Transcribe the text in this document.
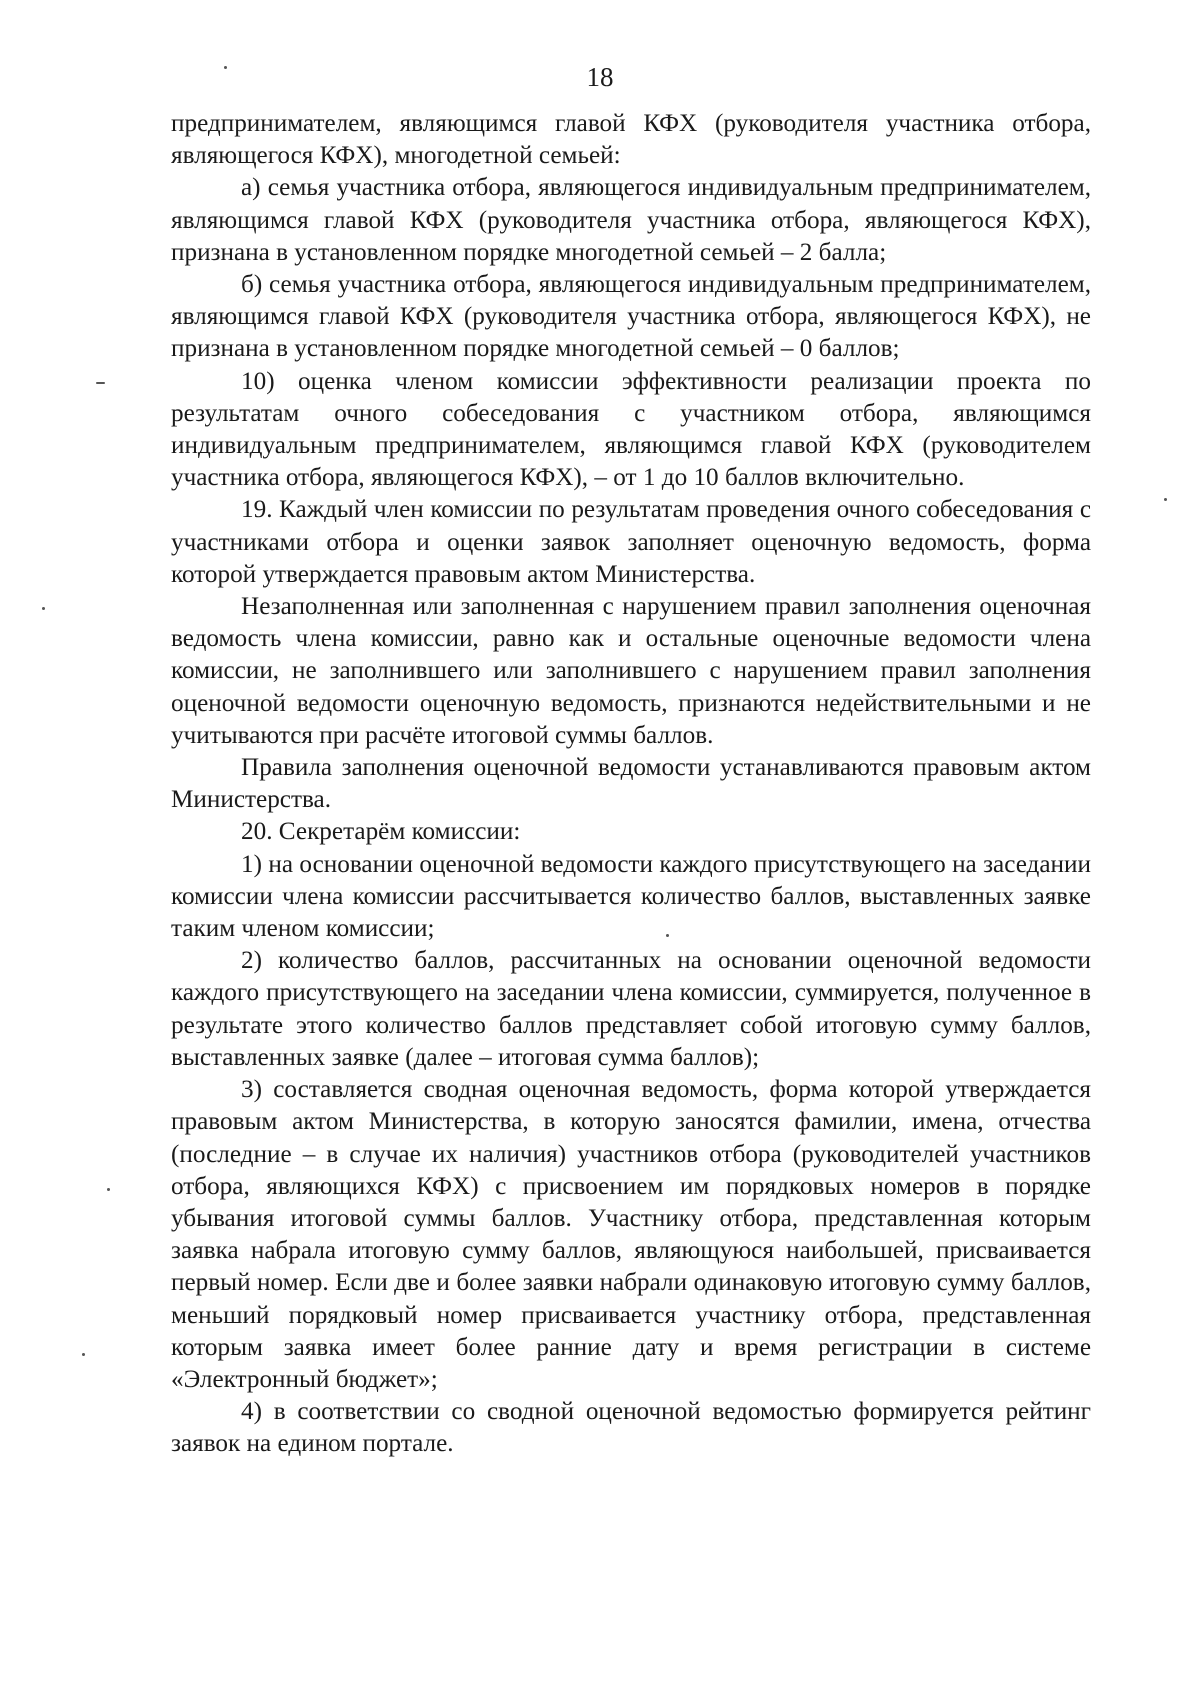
18

предпринимателем, являющимся главой КФХ (руководителя участника отбора, являющегося КФХ), многодетной семьей:

а) семья участника отбора, являющегося индивидуальным предпринимателем, являющимся главой КФХ (руководителя участника отбора, являющегося КФХ), признана в установленном порядке многодетной семьей – 2 балла;

б) семья участника отбора, являющегося индивидуальным предпринимателем, являющимся главой КФХ (руководителя участника отбора, являющегося КФХ), не признана в установленном порядке многодетной семьей – 0 баллов;

10) оценка членом комиссии эффективности реализации проекта по результатам очного собеседования с участником отбора, являющимся индивидуальным предпринимателем, являющимся главой КФХ (руководителем участника отбора, являющегося КФХ), – от 1 до 10 баллов включительно.

19. Каждый член комиссии по результатам проведения очного собеседования с участниками отбора и оценки заявок заполняет оценочную ведомость, форма которой утверждается правовым актом Министерства.

Незаполненная или заполненная с нарушением правил заполнения оценочная ведомость члена комиссии, равно как и остальные оценочные ведомости члена комиссии, не заполнившего или заполнившего с нарушением правил заполнения оценочной ведомости оценочную ведомость, признаются недействительными и не учитываются при расчёте итоговой суммы баллов.

Правила заполнения оценочной ведомости устанавливаются правовым актом Министерства.

20. Секретарём комиссии:

1) на основании оценочной ведомости каждого присутствующего на заседании комиссии члена комиссии рассчитывается количество баллов, выставленных заявке таким членом комиссии;

2) количество баллов, рассчитанных на основании оценочной ведомости каждого присутствующего на заседании члена комиссии, суммируется, полученное в результате этого количество баллов представляет собой итоговую сумму баллов, выставленных заявке (далее – итоговая сумма баллов);

3) составляется сводная оценочная ведомость, форма которой утверждается правовым актом Министерства, в которую заносятся фамилии, имена, отчества (последние – в случае их наличия) участников отбора (руководителей участников отбора, являющихся КФХ) с присвоением им порядковых номеров в порядке убывания итоговой суммы баллов. Участнику отбора, представленная которым заявка набрала итоговую сумму баллов, являющуюся наибольшей, присваивается первый номер. Если две и более заявки набрали одинаковую итоговую сумму баллов, меньший порядковый номер присваивается участнику отбора, представленная которым заявка имеет более ранние дату и время регистрации в системе «Электронный бюджет»;

4) в соответствии со сводной оценочной ведомостью формируется рейтинг заявок на едином портале.
